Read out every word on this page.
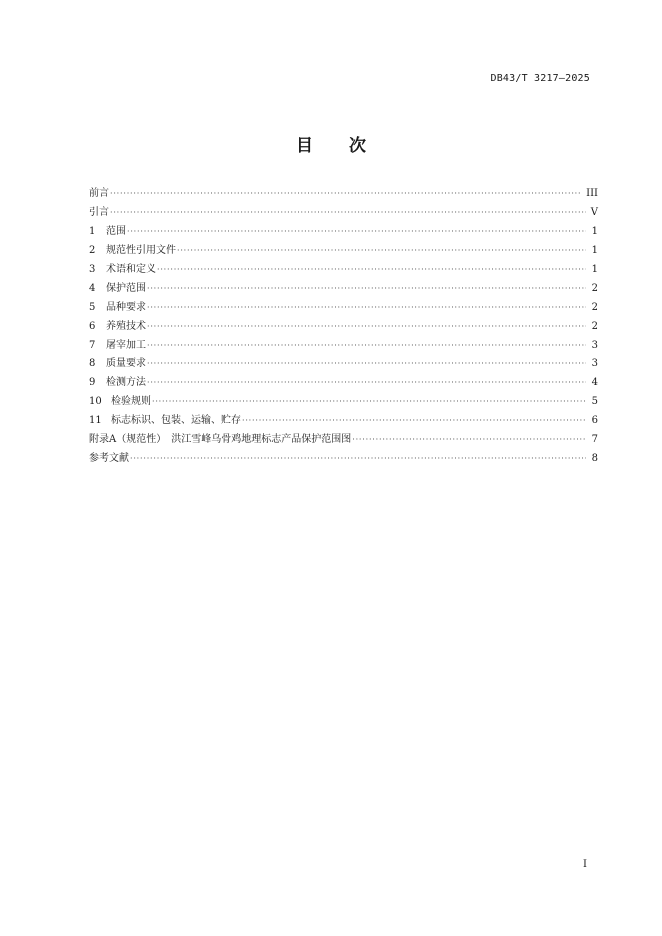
DB43/T 3217—2025
目 次
前言 ·····	III
引言 ·····	V
1	范围 ·····	1
2	规范性引用文件 ·····	1
3	术语和定义 ·····	1
4	保护范围 ·····	2
5	品种要求 ·····	2
6	养殖技术 ·····	2
7	屠宰加工 ·····	3
8	质量要求 ·····	3
9	检测方法 ·····	4
10 检验规则 ·····	5
11 标志标识、包装、运输、贮存 ·····	6
附录A（规范性）　洪江雪峰乌骨鸡地理标志产品保护范围图 ·····	7
参考文献 ·····	8
I
